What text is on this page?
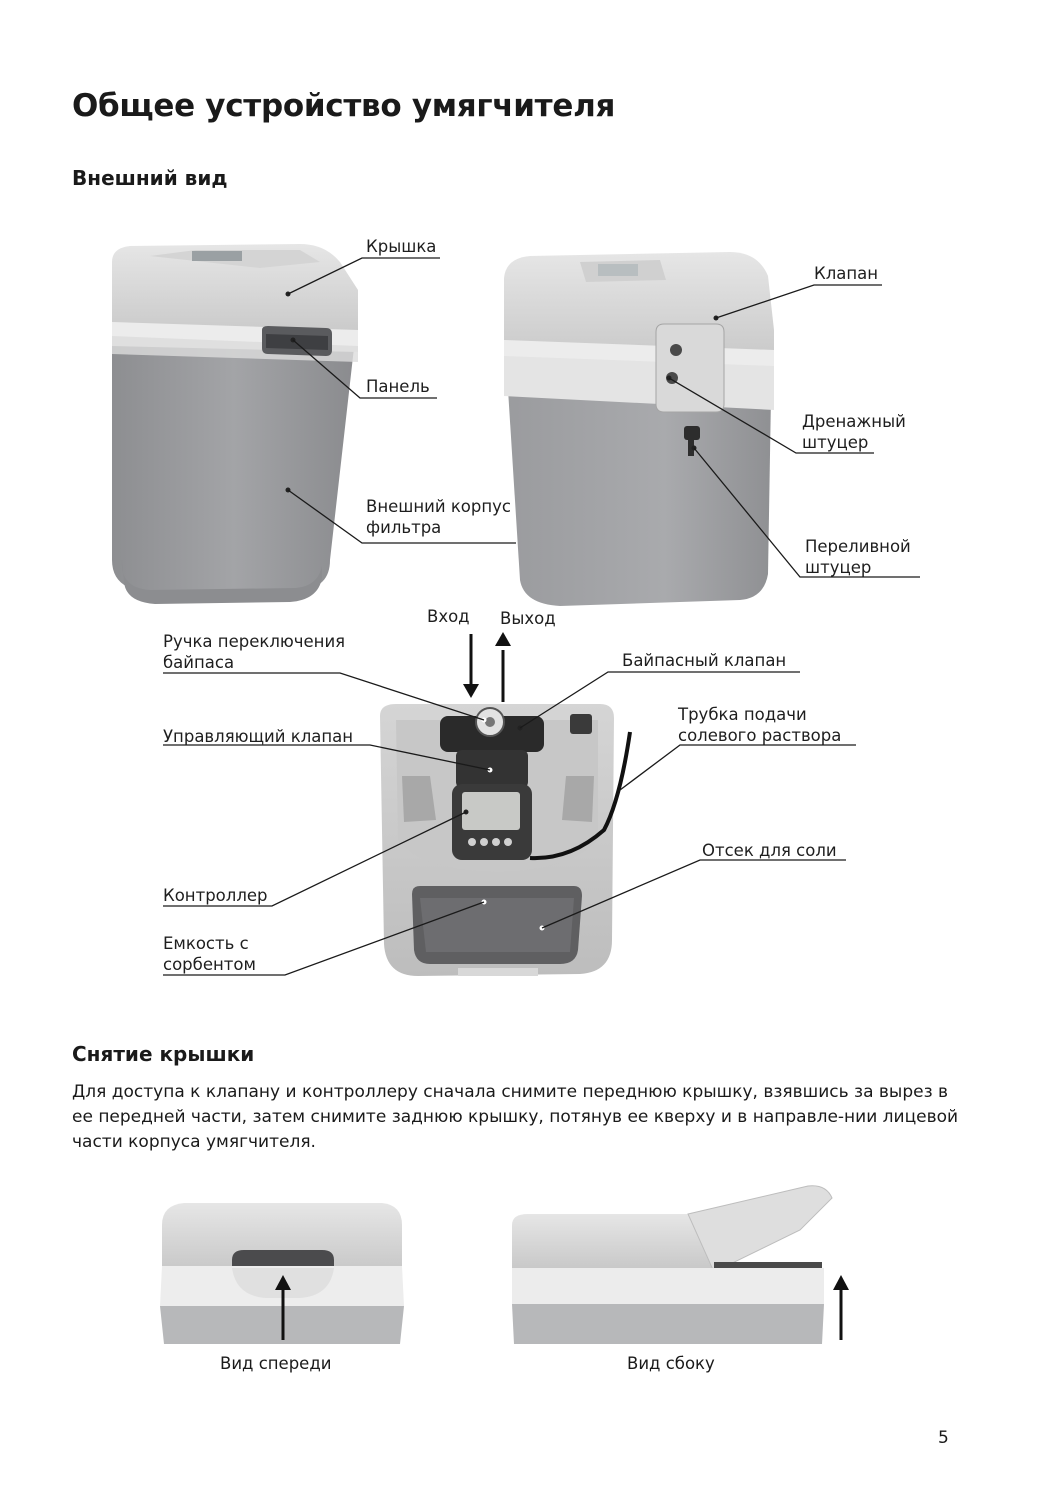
Общее устройство умягчителя
Внешний вид
Крышка
Панель
Внешний корпус фильтра
Клапан
Дренажный штуцер
Переливной штуцер
Вход Выход
Ручка переключения байпаса	Байпасный клапан
Управляющий клапан
Трубка подачи солевого раствора
Контроллер
Отсек для соли
Емкость с сорбентом
Снятие крышки

Для доступа к клапану и контроллеру сначала снимите переднюю крышку, взявшись за вырез в ее передней части, затем снимите заднюю крышку, потянув ее кверху и в направле-нии лицевой части корпуса умягчителя.

Вид спереди	Вид сбоку
5
